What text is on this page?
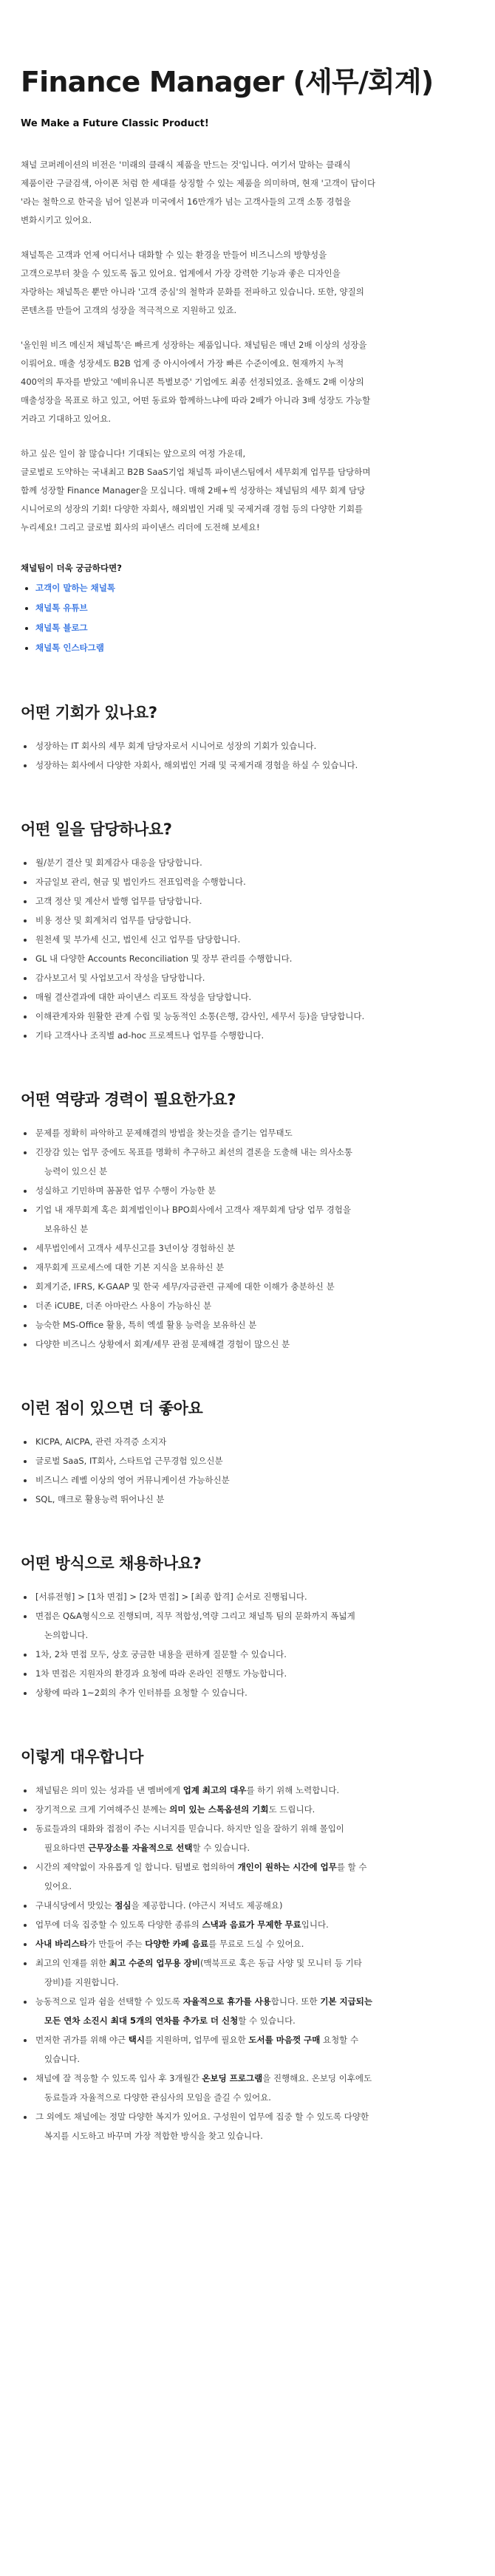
Finance Manager (세무/회계)
We Make a Future Classic Product!

채널 코퍼레이션의 비전은 '미래의 클래식 제품을 만드는 것'입니다. 여기서 말하는 클래식

제품이란 구글검색, 아이폰 처럼 한 세대를 상징할 수 있는 제품을 의미하며, 현재 '고객이 답이다

'라는 철학으로 한국을 넘어 일본과 미국에서 16만개가 넘는 고객사들의 고객 소통 경험을

변화시키고 있어요.

채널톡은 고객과 언제 어디서나 대화할 수 있는 환경을 만들어 비즈니스의 방향성을

고객으로부터 찾을 수 있도록 돕고 있어요. 업계에서 가장 강력한 기능과 좋은 디자인을

자랑하는 채널톡은 뿐만 아니라 '고객 중심'의 철학과 문화를 전파하고 있습니다. 또한, 양질의

콘텐츠를 만들어 고객의 성장을 적극적으로 지원하고 있죠.

'올인원 비즈 메신저 채널톡'은 빠르게 성장하는 제품입니다. 채널팀은 매년 2배 이상의 성장을

이뤄어요. 매출 성장세도 B2B 업계 중 아시아에서 가장 빠른 수준이에요. 현재까지 누적

400억의 투자를 받았고 '예비유니콘 특별보증' 기업에도 최종 선정되었죠. 올해도 2배 이상의

매출성장을 목표로 하고 있고, 어떤 동료와 함께하느냐에 따라 2배가 아니라 3배 성장도 가능할

거라고 기대하고 있어요.

하고 싶은 일이 참 많습니다! 기대되는 앞으로의 여정 가운데,

글로벌로 도약하는 국내최고 B2B SaaS기업 채널톡 파이낸스팀에서 세무회계 업무를 담당하며

함께 성장할 Finance Manager을 모십니다. 매해 2배+씩 성장하는 채널팀의 세무 회계 담당

시니어로의 성장의 기회! 다양한 자회사, 해외법인 거래 및 국제거래 경험 등의 다양한 기회를

누리세요! 그리고 글로벌 회사의 파이낸스 리더에 도전해 보세요!

채널팀이 더욱 궁금하다면?
• 고객이 말하는 채널톡
• 채널톡 유튜브
• 채널톡 블로그
• 채널톡 인스타그램
어떤 기회가 있나요?
• 성장하는 IT 회사의 세무 회계 담당자로서 시니어로 성장의 기회가 있습니다.
• 성장하는 회사에서 다양한 자회사, 해외법인 거래 및 국제거래 경험을 하실 수 있습니다.
어떤 일을 담당하나요?
• 월/분기 결산 및 회계감사 대응을 담당합니다.
• 자금일보 관리, 현금 및 법인카드 전표입력을 수행합니다.
• 고객 정산 및 계산서 발행 업무를 담당합니다.
• 비용 정산 및 회계처리 업무를 담당합니다.
• 원천세 및 부가세 신고, 법인세 신고 업무를 담당합니다.
• GL 내 다양한 Accounts Reconciliation 및 장부 관리를 수행합니다.
• 감사보고서 및 사업보고서 작성을 담당합니다.
• 매월 결산결과에 대한 파이낸스 리포트 작성을 담당합니다.
• 이해관계자와 원활한 관계 수립 및 능동적인 소통(은행, 감사인, 세무서 등)을 담당합니다.
• 기타 고객사나 조직별 ad-hoc 프로젝트나 업무를 수행합니다.
어떤 역량과 경력이 필요한가요?
• 문제를 정확히 파악하고 문제해결의 방법을 찾는것을 즐기는 업무태도
• 긴장감 있는 업무 중에도 목표를 명확히 추구하고 최선의 결론을 도출해 내는 의사소통
능력이 있으신 분
• 성실하고 기민하며 꼼꼼한 업무 수행이 가능한 분
• 기업 내 재무회계 혹은 회계법인이나 BPO회사에서 고객사 재무회계 담당 업무 경험을
보유하신 분
• 세무법인에서 고객사 세무신고를 3년이상 경험하신 분
• 재무회계 프로세스에 대한 기본 지식을 보유하신 분
• 회계기준, IFRS, K-GAAP 및 한국 세무/자금관련 규제에 대한 이해가 충분하신 분
• 더존 iCUBE, 더존 아마란스 사용이 가능하신 분
• 능숙한 MS-Office 활용, 특히 엑셀 활용 능력을 보유하신 분
• 다양한 비즈니스 상황에서 회계/세무 관점 문제해결 경험이 많으신 분
이런 점이 있으면 더 좋아요
• KICPA, AICPA, 관련 자격증 소지자
• 글로벌 SaaS, IT회사, 스타트업 근무경험 있으신분
• 비즈니스 레벨 이상의 영어 커뮤니케이션 가능하신분
• SQL, 매크로 활용능력 뛰어나신 분
어떤 방식으로 채용하나요?
• [서류전형] > [1차 면접] > [2차 면접] > [최종 합격] 순서로 진행됩니다.
• 면접은 Q&A형식으로 진행되며, 직무 적합성,역량 그리고 채널톡 팀의 문화까지 폭넓게
논의합니다.
• 1차, 2차 면접 모두, 상호 궁금한 내용을 편하게 질문할 수 있습니다.
• 1차 면접은 지원자의 환경과 요청에 따라 온라인 진행도 가능합니다.
• 상황에 따라 1~2회의 추가 인터뷰를 요청할 수 있습니다.
이렇게 대우합니다
• 채널팀은 의미 있는 성과를 낸 멤버에게 업계 최고의 대우를 하기 위해 노력합니다.
• 장기적으로 크게 기여해주신 분께는 의미 있는 스톡옵션의 기회도 드립니다.
• 동료들과의 대화와 접점이 주는 시너지를 믿습니다. 하지만 일을 잘하기 위해 몰입이
필요하다면 근무장소를 자율적으로 선택할 수 있습니다.
• 시간의 제약없이 자유롭게 일 합니다. 팀별로 협의하여 개인이 원하는 시간에 업무를 할 수
있어요.
• 구내식당에서 맛있는 점심을 제공합니다. (야근시 저녁도 제공해요)
• 업무에 더욱 집중할 수 있도록 다양한 종류의 스낵과 음료가 무제한 무료입니다.
• 사내 바리스타가 만들어 주는 다양한 카페 음료를 무료로 드실 수 있어요.
• 최고의 인재를 위한 최고 수준의 업무용 장비(맥북프로 혹은 동급 사양 및 모니터 등 기타
장비)를 지원합니다.
• 능동적으로 일과 쉼을 선택할 수 있도록 자율적으로 휴가를 사용합니다. 또한 기본 지급되는
모든 연차 소진시 최대 5개의 연차를 추가로 더 신청할 수 있습니다.
• 먼저한 귀가를 위해 야근 택시를 지원하며, 업무에 필요한 도서를 마음껏 구매 요청할 수
있습니다.
• 채널에 잘 적응할 수 있도록 입사 후 3개월간 온보딩 프로그램을 진행해요. 온보딩 이후에도
동료들과 자율적으로 다양한 관심사의 모임을 즐길 수 있어요.
• 그 외에도 채널에는 정말 다양한 복지가 있어요. 구성원이 업무에 집중 할 수 있도록 다양한
복지를 시도하고 바꾸며 가장 적합한 방식을 찾고 있습니다.
